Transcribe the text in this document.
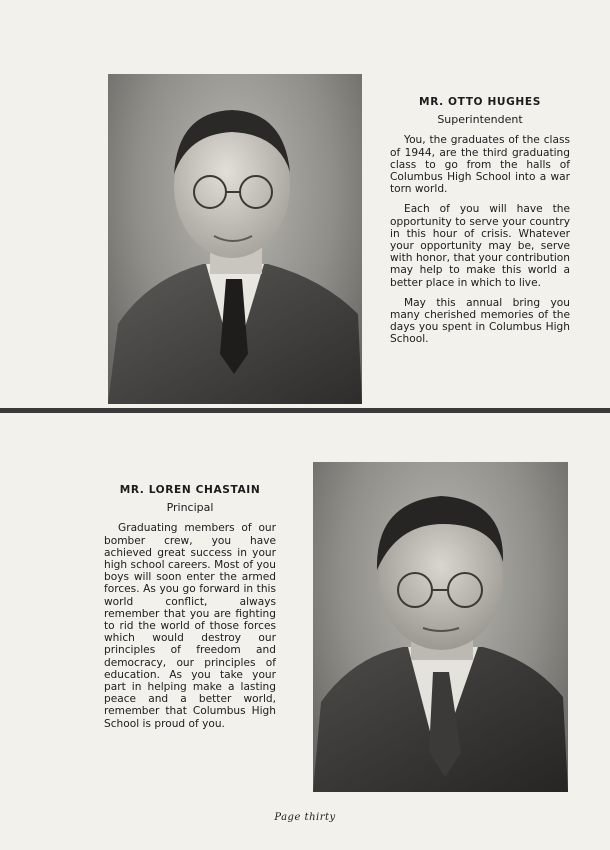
MR. OTTO HUGHES

Superintendent

You, the graduates of the class of 1944, are the third graduating class to go from the halls of Columbus High School into a war torn world.

Each of you will have the opportunity to serve your country in this hour of crisis. Whatever your opportunity may be, serve with honor, that your contribution may help to make this world a better place in which to live.

May this annual bring you many cherished memories of the days you spent in Columbus High School.

MR. LOREN CHASTAIN

Principal

Graduating members of our bomber crew, you have achieved great success in your high school careers. Most of you boys will soon enter the armed forces. As you go forward in this world conflict, always remember that you are fighting to rid the world of those forces which would destroy our principles of freedom and democracy, our principles of education. As you take your part in helping make a lasting peace and a better world, remember that Columbus High School is proud of you.

Page thirty
